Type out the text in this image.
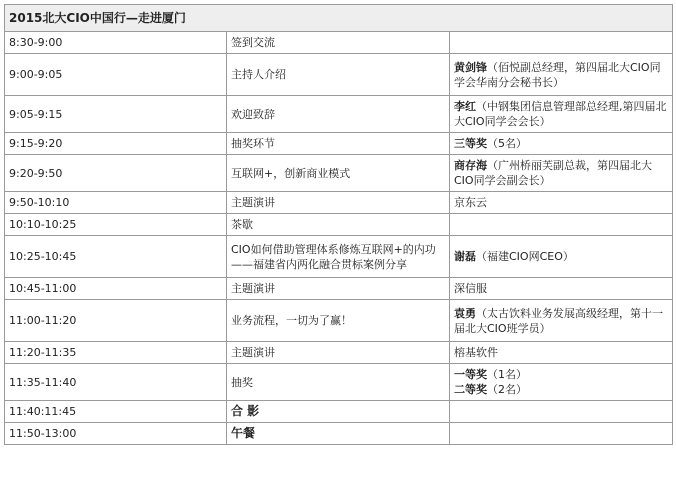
2015北大CIO中国行—走进厦门		
8:30-9:00	签到交流	
9:00-9:05	主持人介绍	黄剑锋（佰悦副总经理，第四届北大CIO同学会华南分会秘书长）

9:05-9:15	欢迎致辞	李红（中钢集团信息管理部总经理,第四届北大CIO同学会会长）

9:15-9:20	抽奖环节	三等奖（5名）

9:20-9:50	互联网+，创新商业模式	商存海（广州桥丽芙副总裁，第四届北大CIO同学会副会长）

9:50-10:10	主题演讲	京东云

10:10-10:25	茶歇	
10:25-10:45	CIO如何借助管理体系修炼互联网+的内功——福建省内两化融合贯标案例分享	谢磊（福建CIO网CEO）

10:45-11:00	主题演讲	深信服

11:00-11:20	业务流程，一切为了赢！	袁勇（太古饮料业务发展高级经理，第十一届北大CIO班学员）

11:20-11:35	主题演讲	榕基软件

11:35-11:40	抽奖	一等奖（1名）
二等奖（2名）

11:40:11:45	合 影	
11:50-13:00	午餐	
